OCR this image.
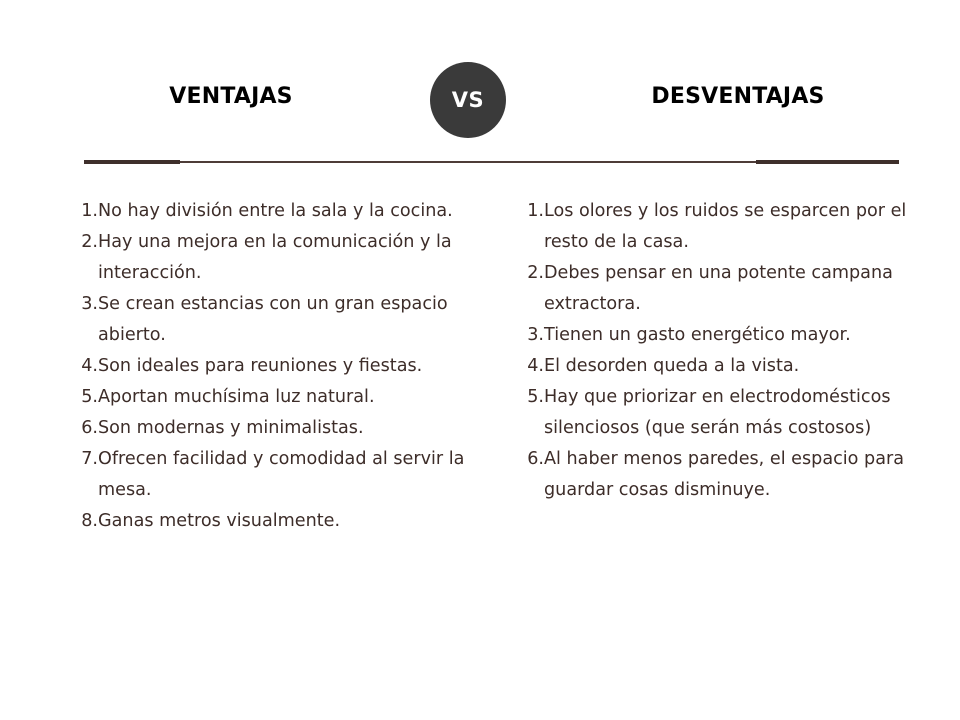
VENTAJAS	VS	DESVENTAJAS
1. No hay división entre la sala y la cocina.
2. Hay una mejora en la comunicación y la interacción.
3. Se crean estancias con un gran espacio abierto.
4. Son ideales para reuniones y fiestas.
5. Aportan muchísima luz natural.
6. Son modernas y minimalistas.
7. Ofrecen facilidad y comodidad al servir la mesa.
8. Ganas metros visualmente.
1. Los olores y los ruidos se esparcen por el resto de la casa.
2. Debes pensar en una potente campana extractora.
3. Tienen un gasto energético mayor.
4. El desorden queda a la vista.
5. Hay que priorizar en electrodomésticos silenciosos (que serán más costosos)
6. Al haber menos paredes, el espacio para guardar cosas disminuye.
